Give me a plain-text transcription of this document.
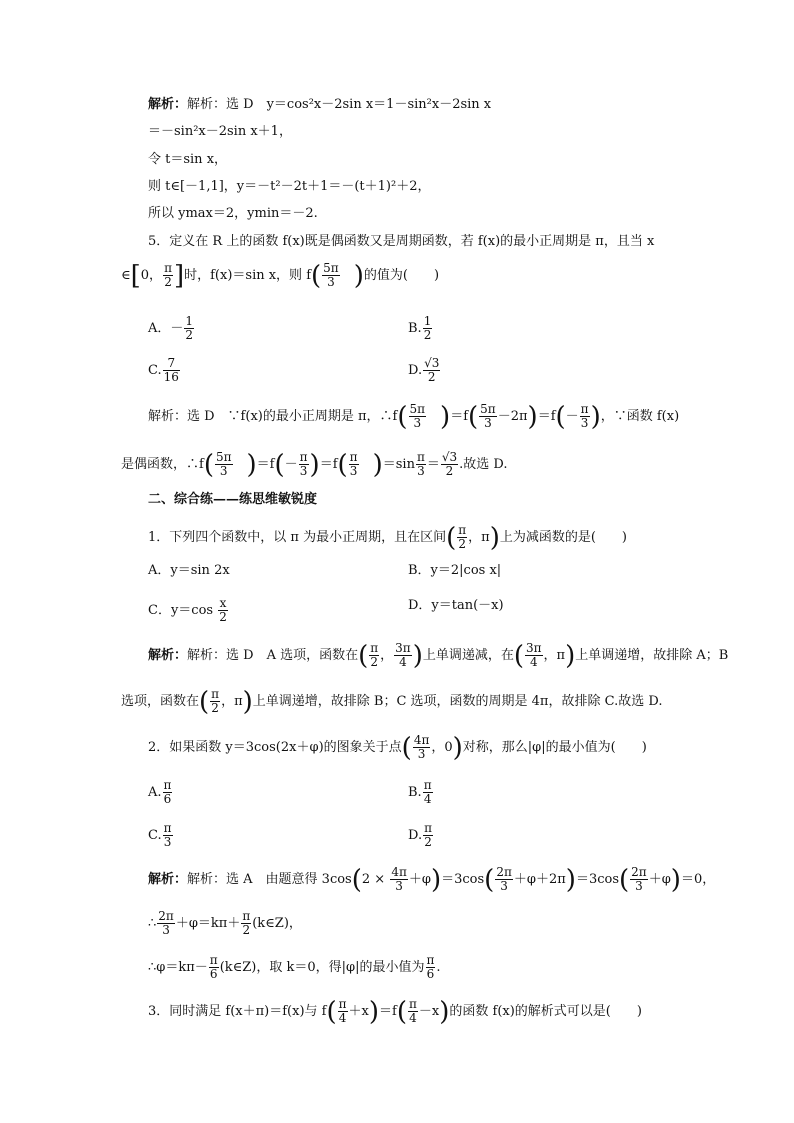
解析：解析：选 D　y＝cos²x－2sin x＝1－sin²x－2sin x
＝－sin²x－2sin x＋1，
令 t＝sin x，
则 t∈[－1,1]，y＝－t²－2t＋1＝－(t＋1)²＋2，
所以 ymax＝2，ymin＝－2.
5．定义在 R 上的函数 f(x)既是偶函数又是周期函数，若 f(x)的最小正周期是 π，且当 x
∈[0， $\frac{\pi}{2}$ ]时，f(x)＝sin x，则 $f( \frac{5\pi}{3}$
　 )的值为(　　)
A．－ $\frac{1}{2}$	B. $\frac{1}{2}$
C. $\frac{7}{16}$	D. $\frac{√3}{2}$
解析：选 D　∵f(x)的最小正周期是 π，∴f( $\frac{5\pi}{3}$
　 )$=f( \frac{5\pi}{3} -2\pi)=f(- \frac{\pi}{3}$ )，∵函数 f(x)
是偶函数，∴f( $\frac{5\pi}{3}$
　 )$=f(- \frac{\pi}{3} )=f( \frac{\pi}{3}$
　 )$=\sin \frac{\pi}{3} = \frac{√3}{2}$ .故选 D.
二、综合练——练思维敏锐度
1．下列四个函数中，以 π 为最小正周期，且在区间( $\frac{\pi}{2}$ ，π)上为减函数的是(　　)
A．y＝sin 2x	B．y＝2|cos x|
C．$y=\cos \frac{x}{2}$	D．y＝tan(－x)
解析：解析：选 D　A 选项，函数在( $\frac{\pi}{2}$ ， $\frac{3\pi}{4}$ )上单调递减，在( $\frac{3\pi}{4}$ ，π)上单调递增，故排除 A；B
选项，函数在( $\frac{\pi}{2}$ ，π)上单调递增，故排除 B；C 选项，函数的周期是 4π，故排除 C.故选 D.
2．如果函数 y＝3cos(2x＋φ)的图象关于点( $\frac{4\pi}{3}$ ，0)对称，那么|φ|的最小值为(　　)
A. $\frac{\pi}{6}$	B. $\frac{\pi}{4}$
C. $\frac{\pi}{3}$	D. $\frac{\pi}{2}$
解析：解析：选 A　由题意得 $3\cos(2 \times \frac{4\pi}{3} +\varphi)=3\cos( \frac{2\pi}{3} +\varphi+2\pi)=3\cos( \frac{2\pi}{3} +\varphi)=0$，
∴ $\frac{2\pi}{3} +\varphi=k\pi+ \frac{\pi}{2}$ (k∈Z)，
∴φ＝kπ－ $\frac{\pi}{6}$ (k∈Z)，取 k＝0，得|φ|的最小值为 $\frac{\pi}{6}$ .
3．同时满足 f(x＋π)＝f(x)与 $f( \frac{\pi}{4} +x)=f( \frac{\pi}{4} -x)$的函数 f(x)的解析式可以是(　　)
